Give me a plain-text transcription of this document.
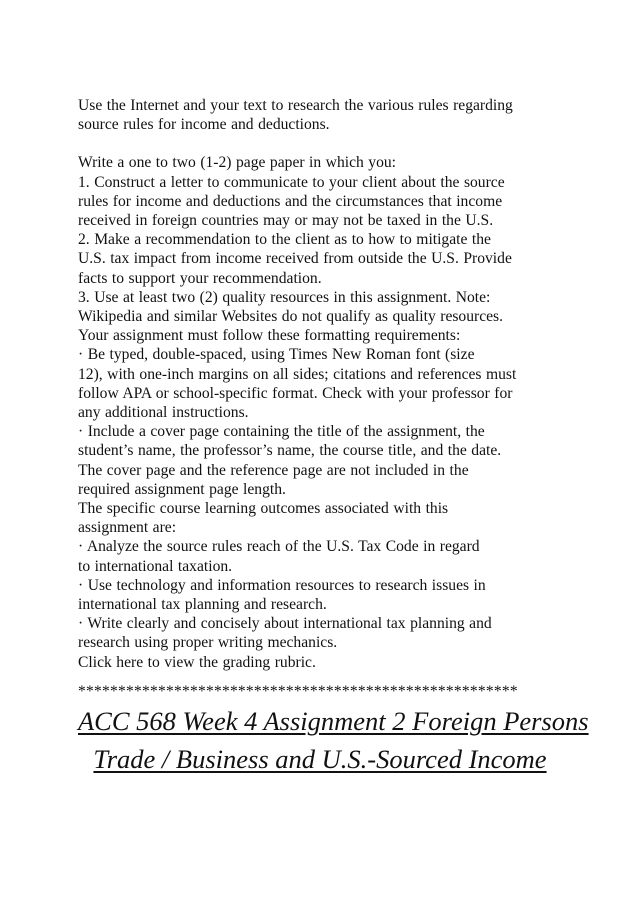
Use the Internet and your text to research the various rules regarding
source rules for income and deductions.
Write a one to two (1-2) page paper in which you:
1. Construct a letter to communicate to your client about the source
rules for income and deductions and the circumstances that income
received in foreign countries may or may not be taxed in the U.S.
2. Make a recommendation to the client as to how to mitigate the
U.S. tax impact from income received from outside the U.S. Provide
facts to support your recommendation.
3. Use at least two (2) quality resources in this assignment. Note:
Wikipedia and similar Websites do not qualify as quality resources.
Your assignment must follow these formatting requirements:
· Be typed, double-spaced, using Times New Roman font (size
12), with one-inch margins on all sides; citations and references must
follow APA or school-specific format. Check with your professor for
any additional instructions.
· Include a cover page containing the title of the assignment, the
student’s name, the professor’s name, the course title, and the date.
The cover page and the reference page are not included in the
required assignment page length.
The specific course learning outcomes associated with this
assignment are:
· Analyze the source rules reach of the U.S. Tax Code in regard
to international taxation.
· Use technology and information resources to research issues in
international tax planning and research.
· Write clearly and concisely about international tax planning and
research using proper writing mechanics.
Click here to view the grading rubric.
*******************************************************
ACC 568 Week 4 Assignment 2 Foreign Persons
Trade / Business and U.S.-Sourced Income
